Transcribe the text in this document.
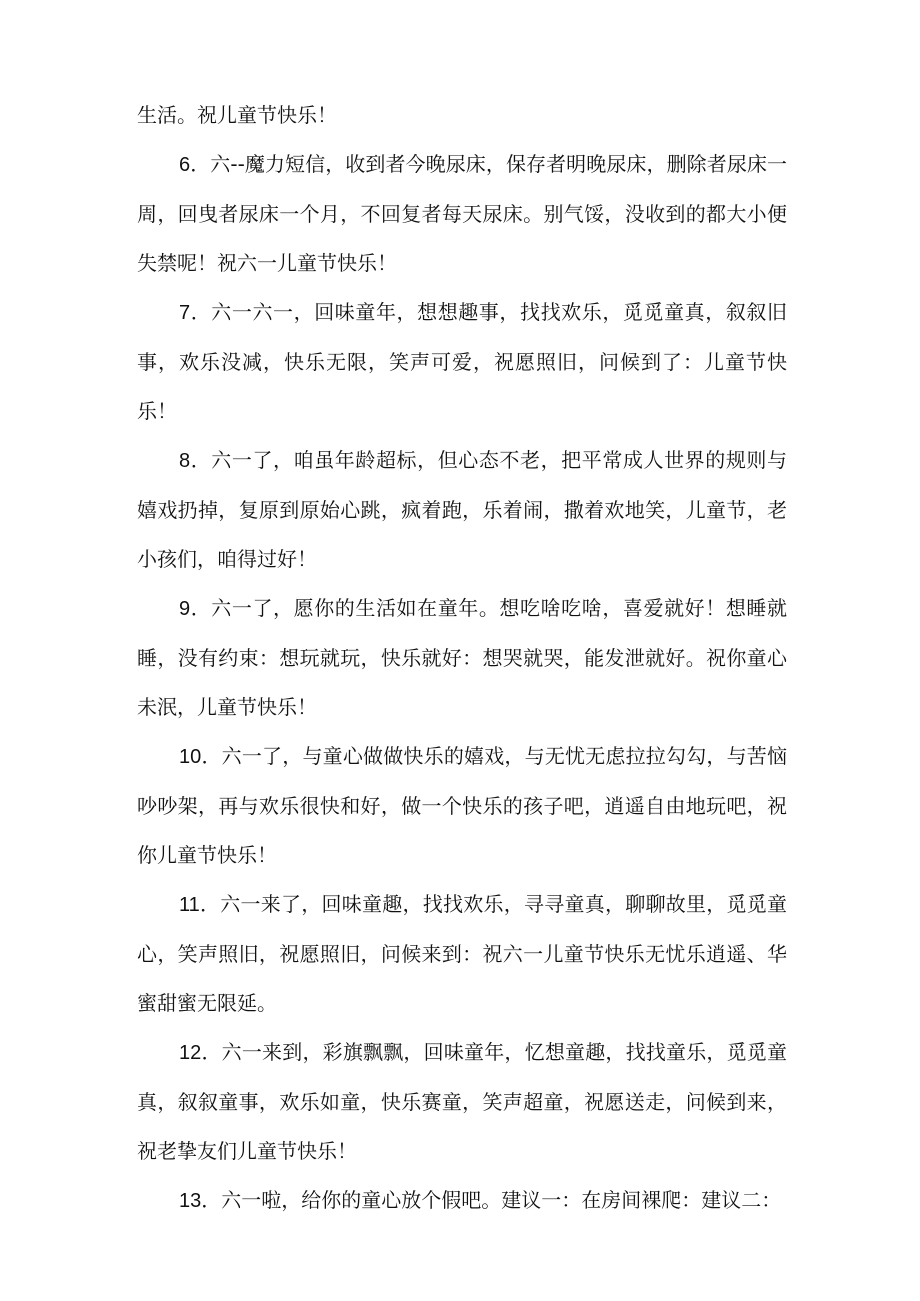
生活。祝儿童节快乐！

6．六--魔力短信，收到者今晚尿床，保存者明晚尿床，删除者尿床一周，回曳者尿床一个月，不回复者每天尿床。别气馁，没收到的都大小便失禁呢！祝六一儿童节快乐！

7．六一六一，回味童年，想想趣事，找找欢乐，觅觅童真，叙叙旧事，欢乐没减，快乐无限，笑声可爱，祝愿照旧，问候到了：儿童节快乐！

8．六一了，咱虽年龄超标，但心态不老，把平常成人世界的规则与嬉戏扔掉，复原到原始心跳，疯着跑，乐着闹，撒着欢地笑，儿童节，老小孩们，咱得过好！

9．六一了，愿你的生活如在童年。想吃啥吃啥，喜爱就好！想睡就睡，没有约束：想玩就玩，快乐就好：想哭就哭，能发泄就好。祝你童心未泯，儿童节快乐！

10．六一了，与童心做做快乐的嬉戏，与无忧无虑拉拉勾勾，与苦恼吵吵架，再与欢乐很快和好，做一个快乐的孩子吧，逍遥自由地玩吧，祝你儿童节快乐！

11．六一来了，回味童趣，找找欢乐，寻寻童真，聊聊故里，觅觅童心，笑声照旧，祝愿照旧，问候来到：祝六一儿童节快乐无忧乐逍遥、华蜜甜蜜无限延。

12．六一来到，彩旗飘飘，回味童年，忆想童趣，找找童乐，觅觅童真，叙叙童事，欢乐如童，快乐赛童，笑声超童，祝愿送走，问候到来，祝老挚友们儿童节快乐！

13．六一啦，给你的童心放个假吧。建议一：在房间裸爬：建议二：
